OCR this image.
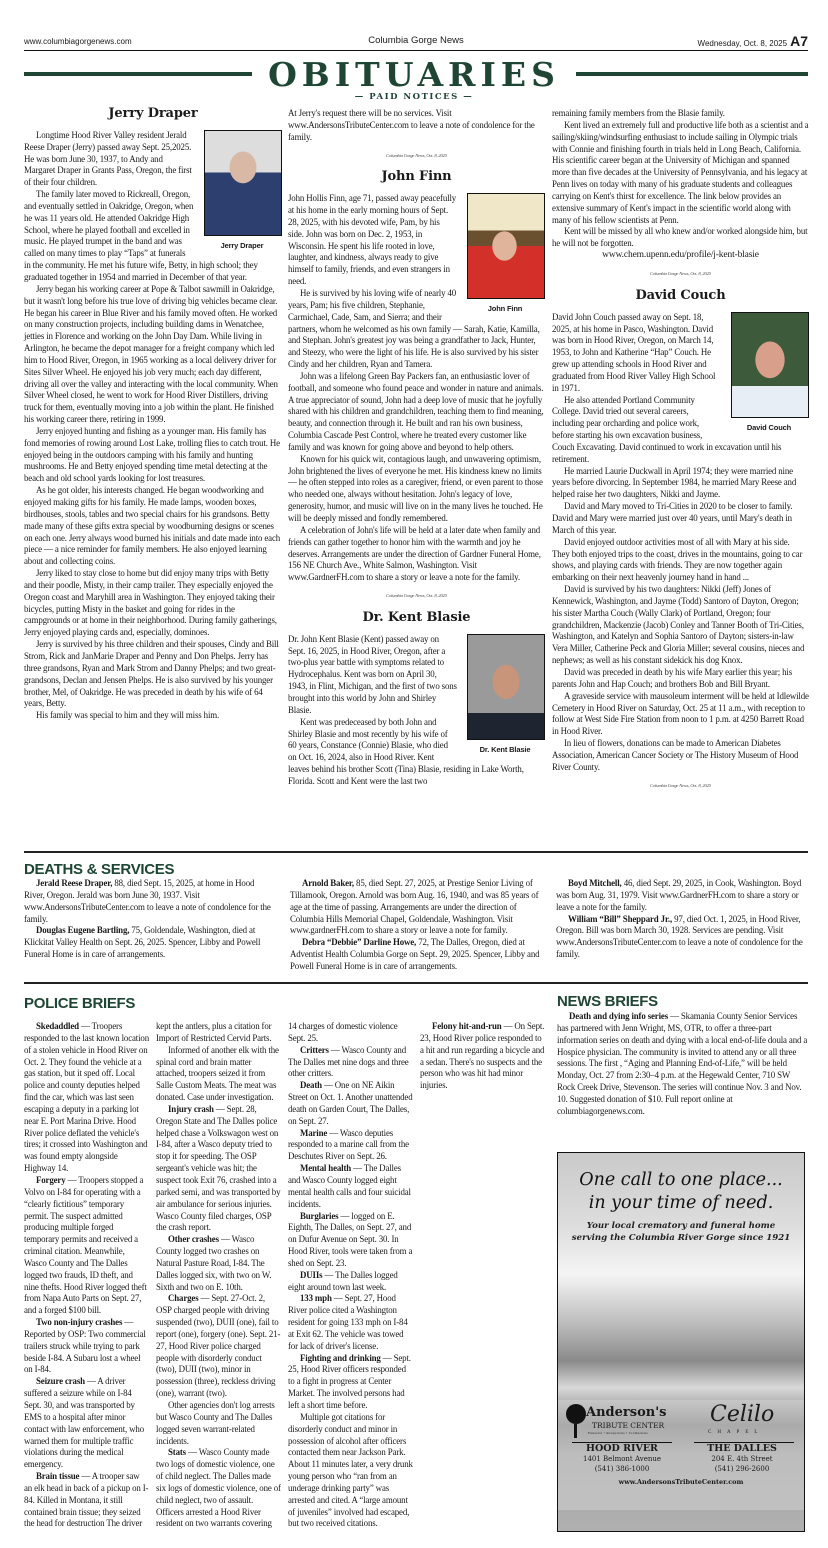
www.columbiagorgenews.com	Columbia Gorge News	Wednesday, Oct. 8, 2025 A7
OBITUARIES
— PAID NOTICES —
Jerry Draper
Jerry Draper

Longtime Hood River Valley resident Jerald Reese Draper (Jerry) passed away Sept. 25,2025. He was born June 30, 1937, to Andy and Margaret Draper in Grants Pass, Oregon, the first of their four children.

The family later moved to Rickreall, Oregon, and eventually settled in Oakridge, Oregon, when he was 11 years old. He attended Oakridge High School, where he played football and excelled in music. He played trumpet in the band and was called on many times to play “Taps” at funerals in the community. He met his future wife, Betty, in high school; they graduated together in 1954 and married in December of that year.

Jerry began his working career at Pope & Talbot sawmill in Oakridge, but it wasn't long before his true love of driving big vehicles became clear. He began his career in Blue River and his family moved often. He worked on many construction projects, including building dams in Wenatchee, jetties in Florence and working on the John Day Dam. While living in Arlington, he became the depot manager for a freight company which led him to Hood River, Oregon, in 1965 working as a local delivery driver for Sites Silver Wheel. He enjoyed his job very much; each day different, driving all over the valley and interacting with the local community. When Silver Wheel closed, he went to work for Hood River Distillers, driving truck for them, eventually moving into a job within the plant. He finished his working career there, retiring in 1999.

Jerry enjoyed hunting and fishing as a younger man. His family has fond memories of rowing around Lost Lake, trolling flies to catch trout. He enjoyed being in the outdoors camping with his family and hunting mushrooms. He and Betty enjoyed spending time metal detecting at the beach and old school yards looking for lost treasures.

As he got older, his interests changed. He began woodworking and enjoyed making gifts for his family. He made lamps, wooden boxes, birdhouses, stools, tables and two special chairs for his grandsons. Betty made many of these gifts extra special by woodburning designs or scenes on each one. Jerry always wood burned his initials and date made into each piece — a nice reminder for family members. He also enjoyed learning about and collecting coins.

Jerry liked to stay close to home but did enjoy many trips with Betty and their poodle, Misty, in their camp trailer. They especially enjoyed the Oregon coast and Maryhill area in Washington. They enjoyed taking their bicycles, putting Misty in the basket and going for rides in the campgrounds or at home in their neighborhood. During family gatherings, Jerry enjoyed playing cards and, especially, dominoes.

Jerry is survived by his three children and their spouses, Cindy and Bill Strom, Rick and JanMarie Draper and Penny and Don Phelps. Jerry has three grandsons, Ryan and Mark Strom and Danny Phelps; and two great-grandsons, Declan and Jensen Phelps. He is also survived by his younger brother, Mel, of Oakridge. He was preceded in death by his wife of 64 years, Betty.

His family was special to him and they will miss him.

At Jerry's request there will be no services. Visit www.AndersonsTributeCenter.com to leave a note of condolence for the family.

Columbia Gorge News, Oct. 8, 2025
John Finn
John Finn

John Hollis Finn, age 71, passed away peacefully at his home in the early morning hours of Sept. 28, 2025, with his devoted wife, Pam, by his side. John was born on Dec. 2, 1953, in Wisconsin. He spent his life rooted in love, laughter, and kindness, always ready to give himself to family, friends, and even strangers in need.

He is survived by his loving wife of nearly 40 years, Pam; his five children, Stephanie, Carmichael, Cade, Sam, and Sierra; and their partners, whom he welcomed as his own family — Sarah, Katie, Kamilla, and Stephan. John's greatest joy was being a grandfather to Jack, Hunter, and Steezy, who were the light of his life. He is also survived by his sister Cindy and her children, Ryan and Tamera.

John was a lifelong Green Bay Packers fan, an enthusiastic lover of football, and someone who found peace and wonder in nature and animals. A true appreciator of sound, John had a deep love of music that he joyfully shared with his children and grandchildren, teaching them to find meaning, beauty, and connection through it. He built and ran his own business, Columbia Cascade Pest Control, where he treated every customer like family and was known for going above and beyond to help others.

Known for his quick wit, contagious laugh, and unwavering optimism, John brightened the lives of everyone he met. His kindness knew no limits — he often stepped into roles as a caregiver, friend, or even parent to those who needed one, always without hesitation. John's legacy of love, generosity, humor, and music will live on in the many lives he touched. He will be deeply missed and fondly remembered.

A celebration of John's life will be held at a later date when family and friends can gather together to honor him with the warmth and joy he deserves. Arrangements are under the direction of Gardner Funeral Home, 156 NE Church Ave., White Salmon, Washington. Visit www.GardnerFH.com to share a story or leave a note for the family.

Columbia Gorge News, Oct. 8, 2025
Dr. Kent Blasie
Dr. Kent Blasie

Dr. John Kent Blasie (Kent) passed away on Sept. 16, 2025, in Hood River, Oregon, after a two-plus year battle with symptoms related to Hydrocephalus. Kent was born on April 30, 1943, in Flint, Michigan, and the first of two sons brought into this world by John and Shirley Blasie.

Kent was predeceased by both John and Shirley Blasie and most recently by his wife of 60 years, Constance (Connie) Blasie, who died on Oct. 16, 2024, also in Hood River. Kent leaves behind his brother Scott (Tina) Blasie, residing in Lake Worth, Florida. Scott and Kent were the last two

remaining family members from the Blasie family.

Kent lived an extremely full and productive life both as a scientist and a sailing/skiing/windsurfing enthusiast to include sailing in Olympic trials with Connie and finishing fourth in trials held in Long Beach, California. His scientific career began at the University of Michigan and spanned more than five decades at the University of Pennsylvania, and his legacy at Penn lives on today with many of his graduate students and colleagues carrying on Kent's thirst for excellence. The link below provides an extensive summary of Kent's impact in the scientific world along with many of his fellow scientists at Penn.

Kent will be missed by all who knew and/or worked alongside him, but he will not be forgotten.

www.chem.upenn.edu/profile/j-kent-blasie
Columbia Gorge News, Oct. 8, 2025
David Couch
David Couch

David John Couch passed away on Sept. 18, 2025, at his home in Pasco, Washington. David was born in Hood River, Oregon, on March 14, 1953, to John and Katherine “Hap” Couch. He grew up attending schools in Hood River and graduated from Hood River Valley High School in 1971.

He also attended Portland Community College. David tried out several careers, including pear orcharding and police work, before starting his own excavation business, Couch Excavating. David continued to work in excavation until his retirement.

He married Laurie Duckwall in April 1974; they were married nine years before divorcing. In September 1984, he married Mary Reese and helped raise her two daughters, Nikki and Jayme.

David and Mary moved to Tri-Cities in 2020 to be closer to family. David and Mary were married just over 40 years, until Mary's death in March of this year.

David enjoyed outdoor activities most of all with Mary at his side. They both enjoyed trips to the coast, drives in the mountains, going to car shows, and playing cards with friends. They are now together again embarking on their next heavenly journey hand in hand ...

David is survived by his two daughters: Nikki (Jeff) Jones of Kennewick, Washington, and Jayme (Todd) Santoro of Dayton, Oregon; his sister Martha Couch (Wally Clark) of Portland, Oregon; four grandchildren, Mackenzie (Jacob) Conley and Tanner Booth of Tri-Cities, Washington, and Katelyn and Sophia Santoro of Dayton; sisters-in-law Vera Miller, Catherine Peck and Gloria Miller; several cousins, nieces and nephews; as well as his constant sidekick his dog Knox.

David was preceded in death by his wife Mary earlier this year; his parents John and Hap Couch; and brothers Bob and Bill Bryant.

A graveside service with mausoleum interment will be held at Idlewilde Cemetery in Hood River on Saturday, Oct. 25 at 11 a.m., with reception to follow at West Side Fire Station from noon to 1 p.m. at 4250 Barrett Road in Hood River.

In lieu of flowers, donations can be made to American Diabetes Association, American Cancer Society or The History Museum of Hood River County.

Columbia Gorge News, Oct. 8, 2025
DEATHS & SERVICES

Jerald Reese Draper, 88, died Sept. 15, 2025, at home in Hood River, Oregon. Jerald was born June 30, 1937. Visit www.AndersonsTributeCenter.com to leave a note of condolence for the family.

Douglas Eugene Bartling, 75, Goldendale, Washington, died at Klickitat Valley Health on Sept. 26, 2025. Spencer, Libby and Powell Funeral Home is in care of arrangements.

Arnold Baker, 85, died Sept. 27, 2025, at Prestige Senior Living of Tillamook, Oregon. Arnold was born Aug. 16, 1940, and was 85 years of age at the time of passing. Arrangements are under the direction of Columbia Hills Memorial Chapel, Goldendale, Washington. Visit www.gardnerFH.com to share a story or leave a note for family.

Debra “Debbie” Darline Howe, 72, The Dalles, Oregon, died at Adventist Health Columbia Gorge on Sept. 29, 2025. Spencer, Libby and Powell Funeral Home is in care of arrangements.

Boyd Mitchell, 46, died Sept. 29, 2025, in Cook, Washington. Boyd was born Aug. 31, 1979. Visit www.GardnerFH.com to share a story or leave a note for the family.

William “Bill” Sheppard Jr., 97, died Oct. 1, 2025, in Hood River, Oregon. Bill was born March 30, 1928. Services are pending. Visit www.AndersonsTributeCenter.com to leave a note of condolence for the family.

POLICE BRIEFS

Skedaddled — Troopers responded to the last known location of a stolen vehicle in Hood River on Oct. 2. They found the vehicle at a gas station, but it sped off. Local police and county deputies helped find the car, which was last seen escaping a deputy in a parking lot near E. Port Marina Drive. Hood River police deflated the vehicle's tires; it crossed into Washington and was found empty alongside Highway 14.

Forgery — Troopers stopped a Volvo on I-84 for operating with a “clearly fictitious” temporary permit. The suspect admitted producing multiple forged temporary permits and received a criminal citation. Meanwhile, Wasco County and The Dalles logged two frauds, ID theft, and nine thefts. Hood River logged theft from Napa Auto Parts on Sept. 27, and a forged $100 bill.

Two non-injury crashes — Reported by OSP: Two commercial trailers struck while trying to park beside I-84. A Subaru lost a wheel on I-84.

Seizure crash — A driver suffered a seizure while on I-84 Sept. 30, and was transported by EMS to a hospital after minor contact with law enforcement, who warned them for multiple traffic violations during the medical emergency.

Brain tissue — A trooper saw an elk head in back of a pickup on I-84. Killed in Montana, it still contained brain tissue; they seized the head for destruction The driver kept the antlers, plus a citation for Import of Restricted Cervid Parts.

Informed of another elk with the spinal cord and brain matter attached, troopers seized it from Salle Custom Meats. The meat was donated. Case under investigation.

Injury crash — Sept. 28, Oregon State and The Dalles police helped chase a Volkswagon west on I-84, after a Wasco deputy tried to stop it for speeding. The OSP sergeant's vehicle was hit; the suspect took Exit 76, crashed into a parked semi, and was transported by air ambulance for serious injuries. Wasco County filed charges, OSP the crash report.

Other crashes — Wasco County logged two crashes on Natural Pasture Road, I-84. The Dalles logged six, with two on W. Sixth and two on E. 10th.

Charges — Sept. 27-Oct. 2, OSP charged people with driving suspended (two), DUII (one), fail to report (one), forgery (one). Sept. 21-27, Hood River police charged people with disorderly conduct (two), DUII (two), minor in possession (three), reckless driving (one), warrant (two).

Other agencies don't log arrests but Wasco County and The Dalles logged seven warrant-related incidents.

Stats — Wasco County made two logs of domestic violence, one of child neglect. The Dalles made six logs of domestic violence, one of child neglect, two of assault. Officers arrested a Hood River resident on two warrants covering 14 charges of domestic violence Sept. 25.

Critters — Wasco County and The Dalles met nine dogs and three other critters.

Death — One on NE Aikin Street on Oct. 1. Another unattended death on Garden Court, The Dalles, on Sept. 27.

Marine — Wasco deputies responded to a marine call from the Deschutes River on Sept. 26.

Mental health — The Dalles and Wasco County logged eight mental health calls and four suicidal incidents.

Burglaries — logged on E. Eighth, The Dalles, on Sept. 27, and on Dufur Avenue on Sept. 30. In Hood River, tools were taken from a shed on Sept. 23.

DUIIs — The Dalles logged eight around town last week.

133 mph — Sept. 27, Hood River police cited a Washington resident for going 133 mph on I-84 at Exit 62. The vehicle was towed for lack of driver's license.

Fighting and drinking — Sept. 25, Hood River officers responded to a fight in progress at Center Market. The involved persons had left a short time before.

Multiple got citations for disorderly conduct and minor in possession of alcohol after officers contacted them near Jackson Park. About 11 minutes later, a very drunk young person who “ran from an underage drinking party” was arrested and cited. A “large amount of juveniles” involved had escaped, but two received citations.

Felony hit-and-run — On Sept. 23, Hood River police responded to a hit and run regarding a bicycle and a sedan. There's no suspects and the person who was hit had minor injuries.

NEWS BRIEFS

Death and dying info series — Skamania County Senior Services has partnered with Jenn Wright, MS, OTR, to offer a three-part information series on death and dying with a local end-of-life doula and a Hospice physician. The community is invited to attend any or all three sessions. The first , “Aging and Planning End-of-Life,” will be held Monday, Oct. 27 from 2:30–4 p.m. at the Hegewald Center, 710 SW Rock Creek Drive, Stevenson. The series will continue Nov. 3 and Nov. 10. Suggested donation of $10. Full report online at columbiagorgenews.com.

One call to one place...
in your time of need.
Your local crematory and funeral home
serving the Columbia River Gorge since 1921
Anderson's
TRIBUTE CENTER
Funerals • Receptions • Cremations
Celilo
CHAPEL
HOOD RIVER
1401 Belmont Avenue
(541) 386-1000
THE DALLES
204 E. 4th Street
(541) 296-2600
www.AndersonsTributeCenter.com
